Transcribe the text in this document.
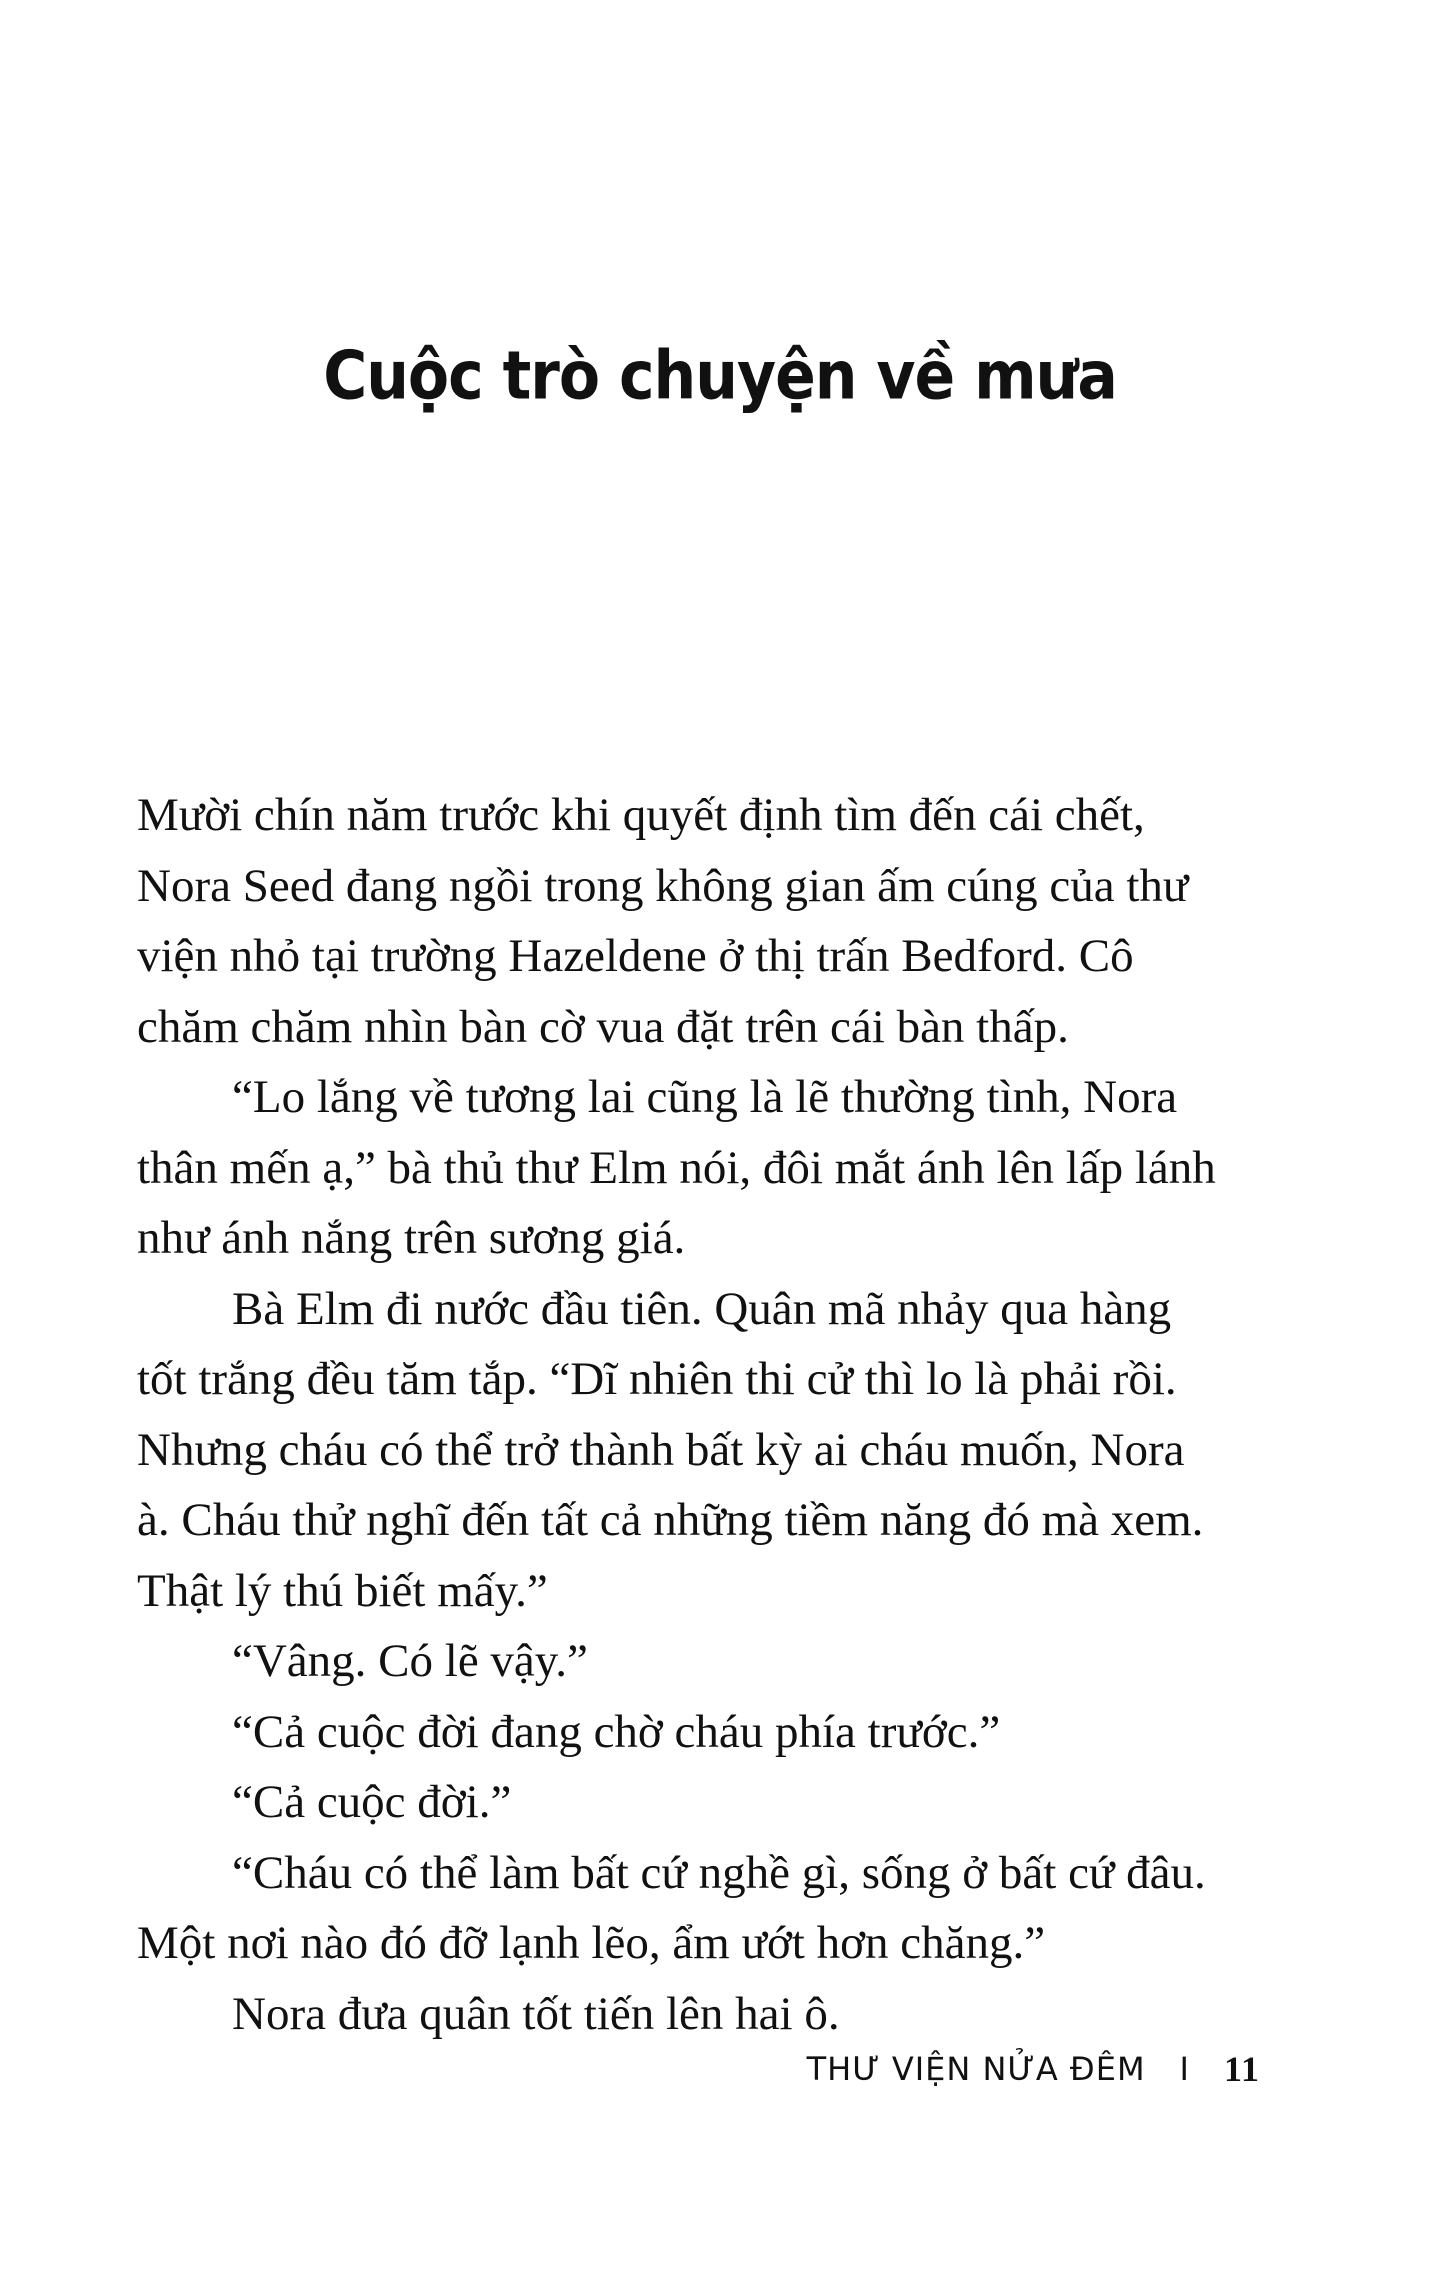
Cuộc trò chuyện về mưa

Mười chín năm trước khi quyết định tìm đến cái chết,
Nora Seed đang ngồi trong không gian ấm cúng của thư
viện nhỏ tại trường Hazeldene ở thị trấn Bedford. Cô
chăm chăm nhìn bàn cờ vua đặt trên cái bàn thấp.

“Lo lắng về tương lai cũng là lẽ thường tình, Nora
thân mến ạ,” bà thủ thư Elm nói, đôi mắt ánh lên lấp lánh
như ánh nắng trên sương giá.

Bà Elm đi nước đầu tiên. Quân mã nhảy qua hàng
tốt trắng đều tăm tắp. “Dĩ nhiên thi cử thì lo là phải rồi.
Nhưng cháu có thể trở thành bất kỳ ai cháu muốn, Nora
à. Cháu thử nghĩ đến tất cả những tiềm năng đó mà xem.
Thật lý thú biết mấy.”

“Vâng. Có lẽ vậy.”

“Cả cuộc đời đang chờ cháu phía trước.”

“Cả cuộc đời.”

“Cháu có thể làm bất cứ nghề gì, sống ở bất cứ đâu.
Một nơi nào đó đỡ lạnh lẽo, ẩm ướt hơn chăng.”

Nora đưa quân tốt tiến lên hai ô.

THƯ VIỆN NỬA ĐÊM I 11
